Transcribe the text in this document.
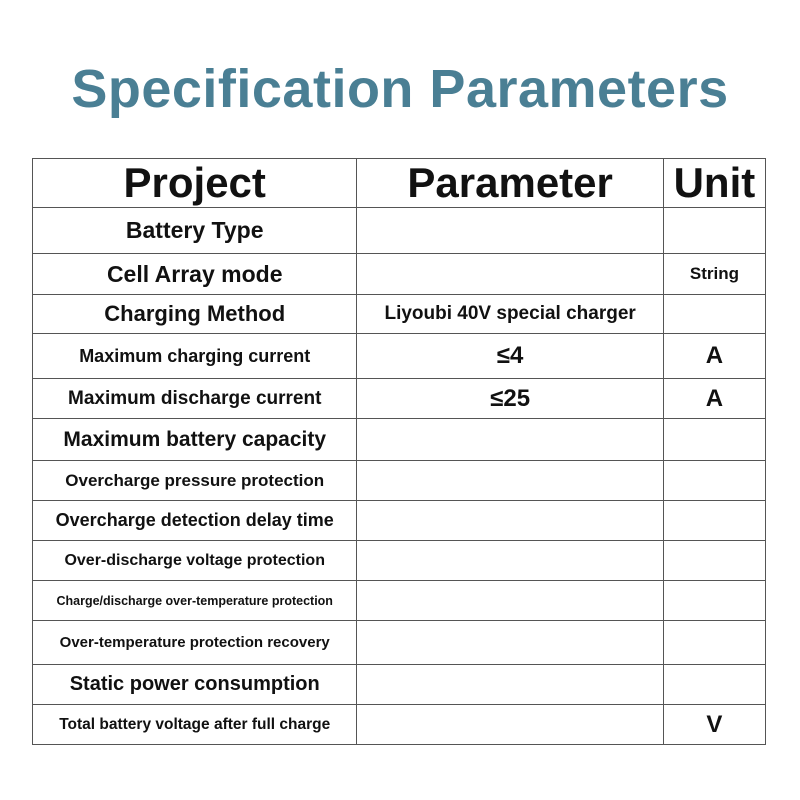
Specification Parameters
Project	Parameter	Unit
Battery Type		
Cell Array mode		String
Charging Method	Liyoubi 40V special charger	
Maximum charging current	≤4	A
Maximum discharge current	≤25	A
Maximum battery capacity		
Overcharge pressure protection		
Overcharge detection delay time		
Over-discharge voltage protection		
Charge/discharge over-temperature protection		
Over-temperature protection recovery		
Static power consumption		
Total battery voltage after full charge		V
